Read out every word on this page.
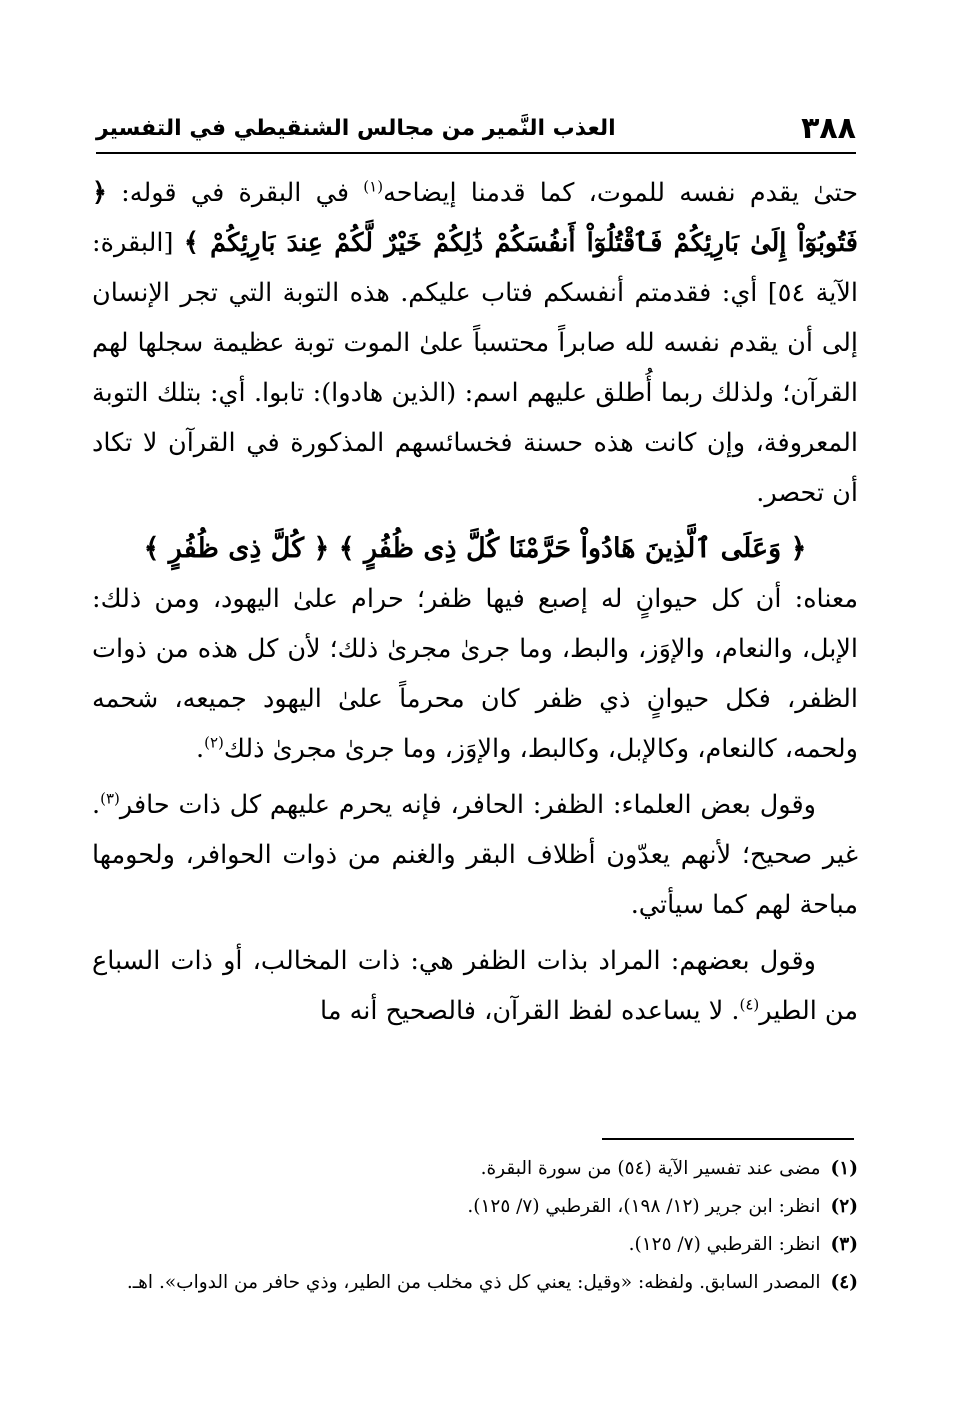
٣٨٨
العذب النَّمير من مجالس الشنقيطي في التفسير

حتىٰ يقدم نفسه للموت، كما قدمنا إيضاحه$^{(١)}$ في البقرة في قوله: ﴿ فَتُوبُوٓاْ إِلَىٰ بَارِئِكُمْ فَٱقْتُلُوٓاْ أَنفُسَكُمْ ذَٰلِكُمْ خَيْرٌ لَّكُمْ عِندَ بَارِئِكُمْ ﴾ [البقرة: الآية ٥٤] أي: فقدمتم أنفسكم فتاب عليكم. هذه التوبة التي تجر الإنسان إلى أن يقدم نفسه لله صابراً محتسباً علىٰ الموت توبة عظيمة سجلها لهم القرآن؛ ولذلك ربما أُطلق عليهم اسم: (الذين هادوا): تابوا. أي: بتلك التوبة المعروفة، وإن كانت هذه حسنة فخسائسهم المذكورة في القرآن لا تكاد أن تحصر.

﴿ وَعَلَى ٱلَّذِينَ هَادُواْ حَرَّمْنَا كُلَّ ذِى ظُفُرٍ ﴾ ﴿ كُلَّ ذِى ظُفُرٍ ﴾

معناه: أن كل حيوانٍ له إصبع فيها ظفر؛ حرام علىٰ اليهود، ومن ذلك: الإبل، والنعام، والإوَز، والبط، وما جرىٰ مجرىٰ ذلك؛ لأن كل هذه من ذوات الظفر، فكل حيوانٍ ذي ظفر كان محرماً علىٰ اليهود جميعه، شحمه ولحمه، كالنعام، وكالإبل، وكالبط، والإوَز، وما جرىٰ مجرىٰ ذلك$^{(٢)}$.

وقول بعض العلماء: الظفر: الحافر، فإنه يحرم عليهم كل ذات حافر$^{(٣)}$. غير صحيح؛ لأنهم يعدّون أظلاف البقر والغنم من ذوات الحوافر، ولحومها مباحة لهم كما سيأتي.

وقول بعضهم: المراد بذات الظفر هي: ذات المخالب، أو ذات السباع من الطير$^{(٤)}$. لا يساعده لفظ القرآن، فالصحيح أنه ما

(١)
مضى عند تفسير الآية (٥٤) من سورة البقرة.
(٢)
انظر: ابن جرير (١٢/ ١٩٨)، القرطبي (٧/ ١٢٥).
(٣)
انظر: القرطبي (٧/ ١٢٥).
(٤)
المصدر السابق. ولفظه: «وقيل: يعني كل ذي مخلب من الطير، وذي حافر من الدواب». اهـ.
